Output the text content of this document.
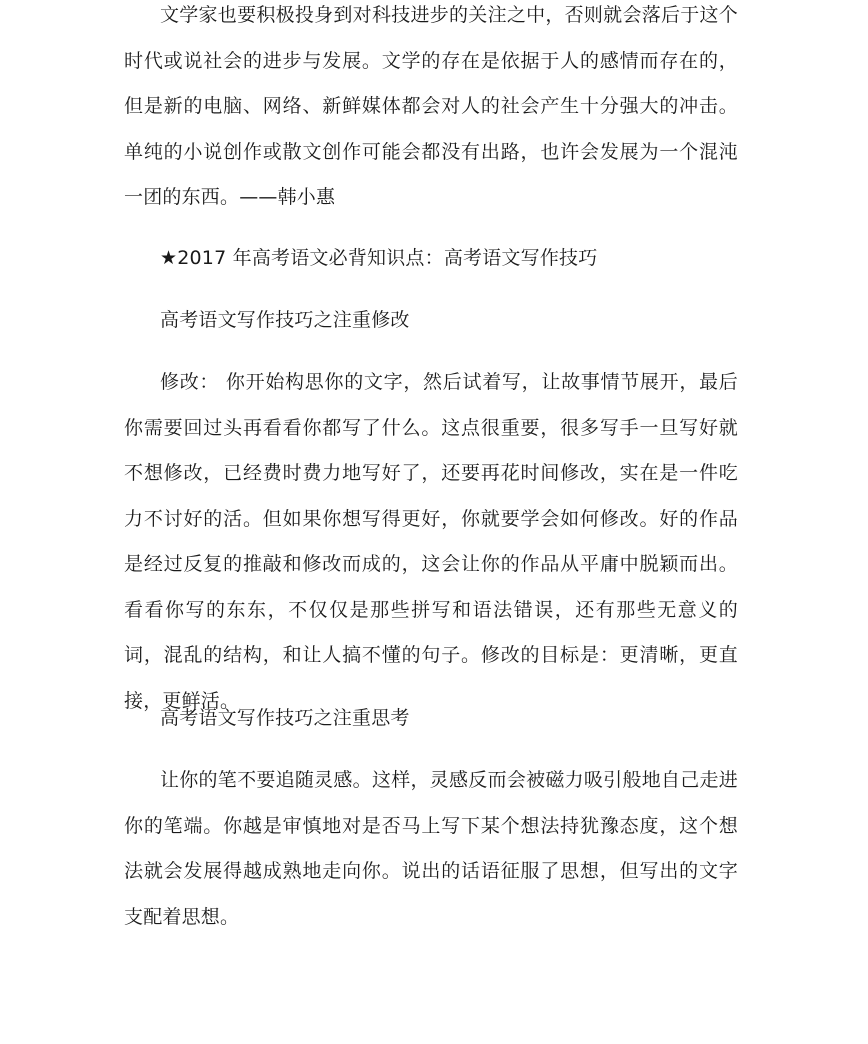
文学家也要积极投身到对科技进步的关注之中，否则就会落后于这个时代或说社会的进步与发展。文学的存在是依据于人的感情而存在的，但是新的电脑、网络、新鲜媒体都会对人的社会产生十分强大的冲击。单纯的小说创作或散文创作可能会都没有出路，也许会发展为一个混沌一团的东西。——韩小惠

★2017 年高考语文必背知识点：高考语文写作技巧

高考语文写作技巧之注重修改

修改： 你开始构思你的文字，然后试着写，让故事情节展开，最后你需要回过头再看看你都写了什么。这点很重要，很多写手一旦写好就不想修改，已经费时费力地写好了，还要再花时间修改，实在是一件吃力不讨好的活。但如果你想写得更好，你就要学会如何修改。好的作品是经过反复的推敲和修改而成的，这会让你的作品从平庸中脱颖而出。看看你写的东东，不仅仅是那些拼写和语法错误，还有那些无意义的词，混乱的结构，和让人搞不懂的句子。修改的目标是：更清晰，更直接，更鲜活。

高考语文写作技巧之注重思考

让你的笔不要追随灵感。这样，灵感反而会被磁力吸引般地自己走进你的笔端。你越是审慎地对是否马上写下某个想法持犹豫态度，这个想法就会发展得越成熟地走向你。说出的话语征服了思想，但写出的文字支配着思想。
